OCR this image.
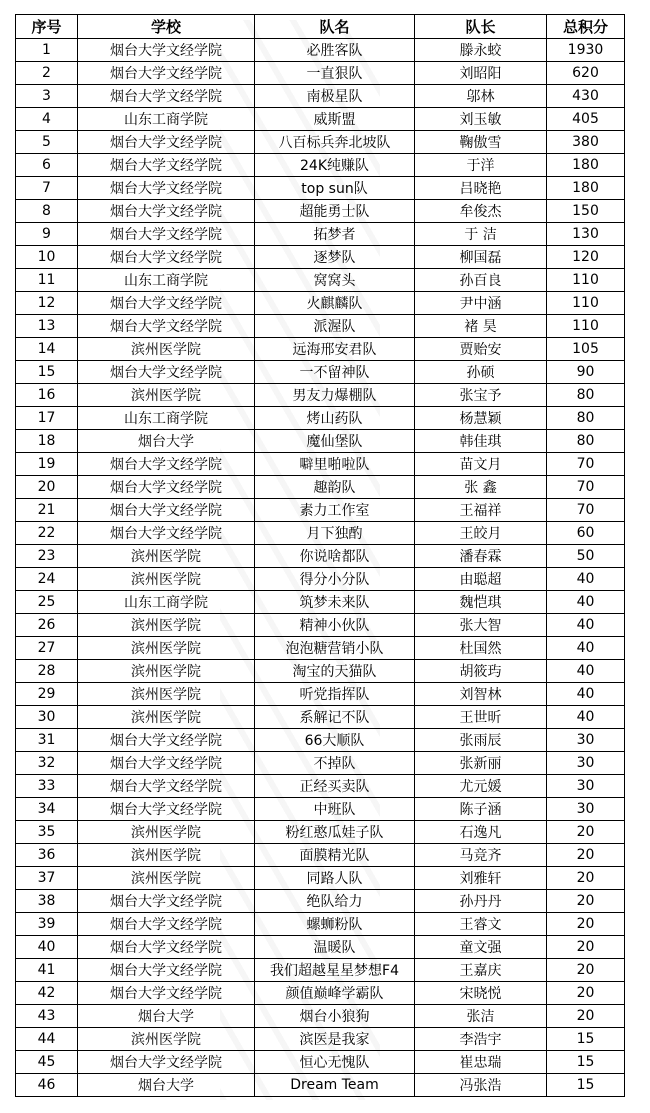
序号	学校	队名	队长	总积分
1	烟台大学文经学院	必胜客队	滕永蛟	1930
2	烟台大学文经学院	一直狠队	刘昭阳	620
3	烟台大学文经学院	南极星队	邬林	430
4	山东工商学院	威斯盟	刘玉敏	405
5	烟台大学文经学院	八百标兵奔北坡队	鞠傲雪	380
6	烟台大学文经学院	24K纯赚队	于洋	180
7	烟台大学文经学院	top sun队	吕晓艳	180
8	烟台大学文经学院	超能勇士队	牟俊杰	150
9	烟台大学文经学院	拓梦者	于 洁	130
10	烟台大学文经学院	逐梦队	柳国磊	120
11	山东工商学院	窝窝头	孙百良	110
12	烟台大学文经学院	火麒麟队	尹中涵	110
13	烟台大学文经学院	派渥队	褚 昊	110
14	滨州医学院	远海邢安君队	贾贻安	105
15	烟台大学文经学院	一不留神队	孙硕	90
16	滨州医学院	男友力爆棚队	张宝予	80
17	山东工商学院	烤山药队	杨慧颖	80
18	烟台大学	魔仙堡队	韩佳琪	80
19	烟台大学文经学院	噼里啪啦队	苗文月	70
20	烟台大学文经学院	趣韵队	张 鑫	70
21	烟台大学文经学院	素力工作室	王福祥	70
22	烟台大学文经学院	月下独酌	王皎月	60
23	滨州医学院	你说啥都队	潘春霖	50
24	滨州医学院	得分小分队	由聪超	40
25	山东工商学院	筑梦未来队	魏恺琪	40
26	滨州医学院	精神小伙队	张大智	40
27	滨州医学院	泡泡糖营销小队	杜国然	40
28	滨州医学院	淘宝的天猫队	胡筱玙	40
29	滨州医学院	听党指挥队	刘智林	40
30	滨州医学院	系解记不队	王世昕	40
31	烟台大学文经学院	66大顺队	张雨辰	30
32	烟台大学文经学院	不掉队	张新丽	30
33	烟台大学文经学院	正经买卖队	尤元媛	30
34	烟台大学文经学院	中班队	陈子涵	30
35	滨州医学院	粉红憨瓜娃子队	石逸凡	20
36	滨州医学院	面膜精光队	马竞齐	20
37	滨州医学院	同路人队	刘雅轩	20
38	烟台大学文经学院	绝队给力	孙丹丹	20
39	烟台大学文经学院	螺蛳粉队	王睿文	20
40	烟台大学文经学院	温暖队	童文强	20
41	烟台大学文经学院	我们超越星星梦想F4	王嘉庆	20
42	烟台大学文经学院	颜值巅峰学霸队	宋晓悦	20
43	烟台大学	烟台小狼狗	张洁	20
44	滨州医学院	滨医是我家	李浩宇	15
45	烟台大学文经学院	恒心无愧队	崔忠瑞	15
46	烟台大学	Dream Team	冯张浩	15
